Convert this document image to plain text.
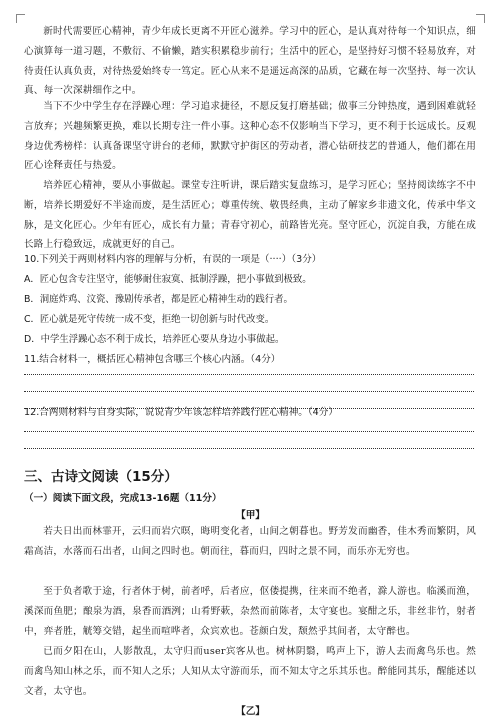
新时代需要匠心精神，青少年成长更离不开匠心滋养。学习中的匠心，是认真对待每一个知识点，细心演算每一道习题，不敷衍、不偷懒，踏实积累稳步前行；生活中的匠心，是坚持好习惯不轻易放弃，对待责任认真负责，对待热爱始终专一笃定。匠心从来不是遥远高深的品质，它藏在每一次坚持、每一次认真、每一次深耕细作之中。
当下不少中学生存在浮躁心理：学习追求捷径，不愿反复打磨基础；做事三分钟热度，遇到困难就轻言放弃；兴趣频繁更换，难以长期专注一件小事。这种心态不仅影响当下学习，更不利于长远成长。反观身边优秀榜样：认真备课坚守讲台的老师，默默守护街区的劳动者，潜心钻研技艺的普通人，他们都在用匠心诠释责任与热爱。
培养匠心精神，要从小事做起。课堂专注听讲，课后踏实复盘练习，是学习匠心；坚持阅读练字不中断，培养长期爱好不半途而废，是生活匠心；尊重传统、敬畏经典，主动了解家乡非遗文化，传承中华文脉，是文化匠心。少年有匠心，成长有力量；青春守初心，前路皆光亮。坚守匠心，沉淀自我，方能在成长路上行稳致远，成就更好的自己。
10.下列关于两则材料内容的理解与分析，有误的一项是（····）（3分）
A．匠心包含专注坚守，能够耐住寂寞、抵制浮躁，把小事做到极致。
B．洞庭炸鸡、汶瓷、豫剧传承者，都是匠心精神生动的践行者。
C．匠心就是死守传统一成不变，拒绝一切创新与时代改变。
D．中学生浮躁心态不利于成长，培养匠心要从身边小事做起。
11.结合材料一，概括匠心精神包含哪三个核心内涵。（4分）
12.合两则材料与自身实际，说说青少年该怎样培养践行匠心精神。（4分）
三、古诗文阅读（15分）
（一）阅读下面文段，完成13-16题（11分）
【甲】
若夫日出而林霏开，云归而岩穴暝，晦明变化者，山间之朝暮也。野芳发而幽香，佳木秀而繁阴，风霜高洁，水落而石出者，山间之四时也。朝而往，暮而归，四时之景不同，而乐亦无穷也。
至于负者歌于途，行者休于树，前者呼，后者应，伛偻提携，往来而不绝者，滁人游也。临溪而渔，溪深而鱼肥；酿泉为酒，泉香而酒洌；山肴野蔌，杂然而前陈者，太守宴也。宴酣之乐，非丝非竹，射者中，弈者胜，觥筹交错，起坐而喧哗者，众宾欢也。苍颜白发，颓然乎其间者，太守醉也。
已而夕阳在山，人影散乱，太守归而user宾客从也。树林阴翳，鸣声上下，游人去而禽鸟乐也。然而禽鸟知山林之乐，而不知人之乐；人知从太守游而乐，而不知太守之乐其乐也。醉能同其乐，醒能述以文者，太守也。
【乙】
